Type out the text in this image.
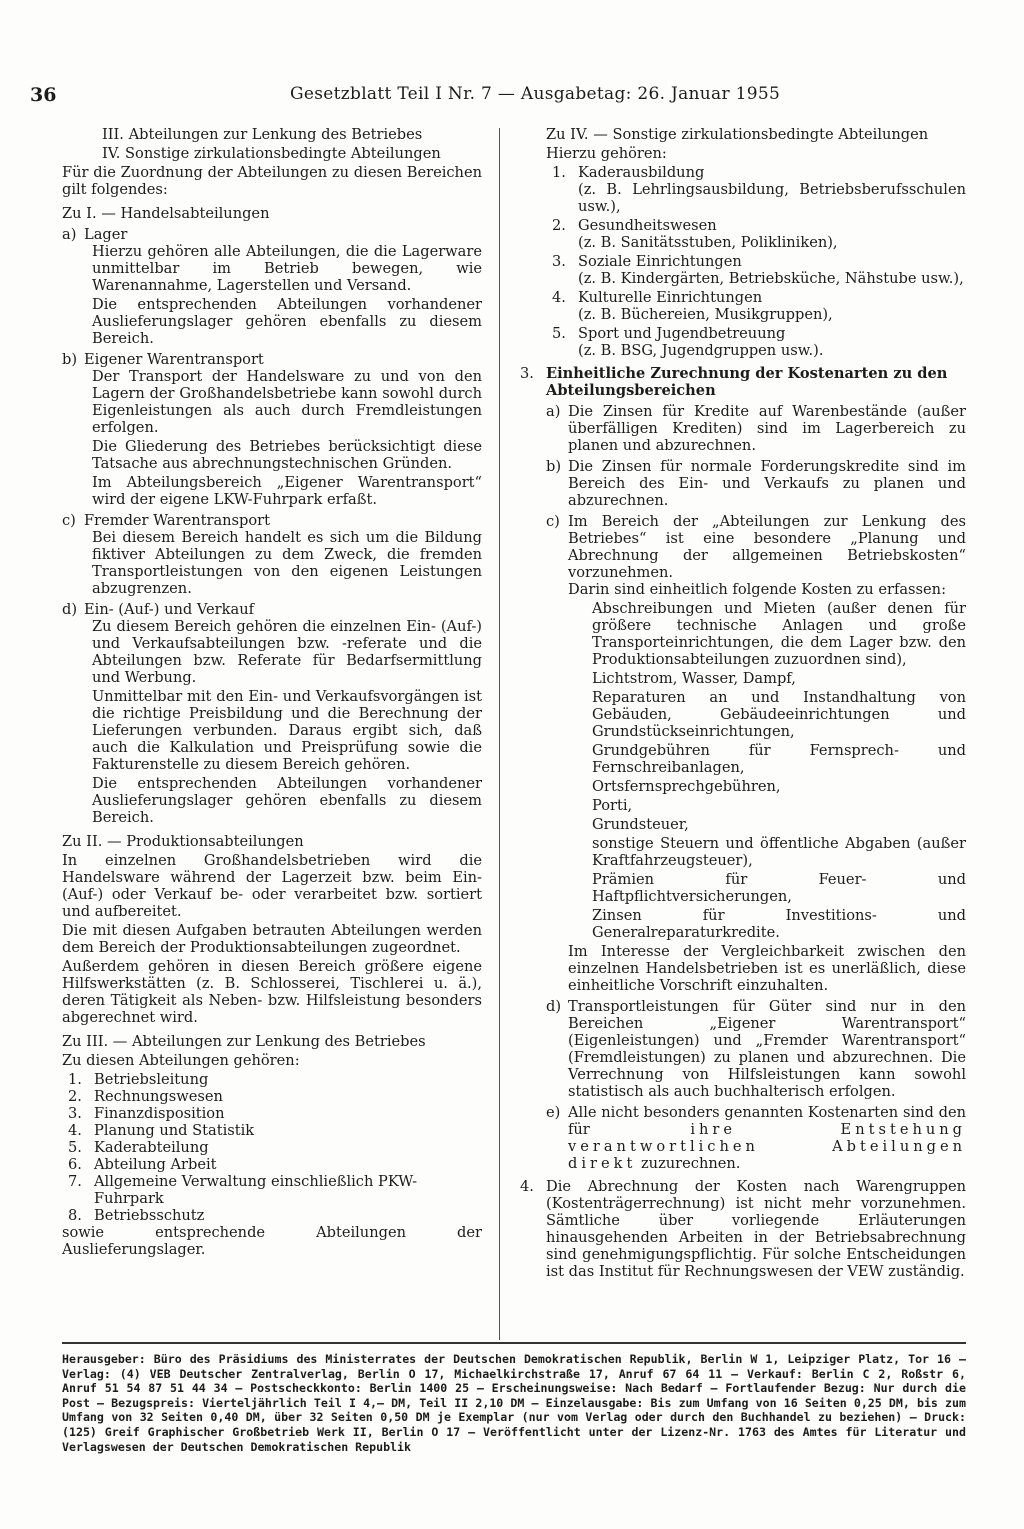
36	Gesetzblatt Teil I Nr. 7 — Ausgabetag: 26. Januar 1955

III. Abteilungen zur Lenkung des Betriebes

IV. Sonstige zirkulationsbedingte Abteilungen

Für die Zuordnung der Abteilungen zu diesen Bereichen gilt folgendes:

Zu I. — Handelsabteilungen

a) Lager

Hierzu gehören alle Abteilungen, die die Lagerware unmittelbar im Betrieb bewegen, wie Warenannahme, Lagerstellen und Versand.

Die entsprechenden Abteilungen vorhandener Auslieferungslager gehören ebenfalls zu diesem Bereich.

b) Eigener Warentransport

Der Transport der Handelsware zu und von den Lagern der Großhandelsbetriebe kann sowohl durch Eigenleistungen als auch durch Fremdleistungen erfolgen.

Die Gliederung des Betriebes berücksichtigt diese Tatsache aus abrechnungstechnischen Gründen.

Im Abteilungsbereich „Eigener Warentransport“ wird der eigene LKW-Fuhrpark erfaßt.

c) Fremder Warentransport

Bei diesem Bereich handelt es sich um die Bildung fiktiver Abteilungen zu dem Zweck, die fremden Transportleistungen von den eigenen Leistungen abzugrenzen.

d) Ein- (Auf-) und Verkauf

Zu diesem Bereich gehören die einzelnen Ein- (Auf-) und Verkaufsabteilungen bzw. -referate und die Abteilungen bzw. Referate für Bedarfsermittlung und Werbung.

Unmittelbar mit den Ein- und Verkaufsvorgängen ist die richtige Preisbildung und die Berechnung der Lieferungen verbunden. Daraus ergibt sich, daß auch die Kalkulation und Preisprüfung sowie die Fakturenstelle zu diesem Bereich gehören.

Die entsprechenden Abteilungen vorhandener Auslieferungslager gehören ebenfalls zu diesem Bereich.

Zu II. — Produktionsabteilungen

In einzelnen Großhandelsbetrieben wird die Handelsware während der Lagerzeit bzw. beim Ein- (Auf-) oder Verkauf be- oder verarbeitet bzw. sortiert und aufbereitet.

Die mit diesen Aufgaben betrauten Abteilungen werden dem Bereich der Produktionsabteilungen zugeordnet.

Außerdem gehören in diesen Bereich größere eigene Hilfswerkstätten (z. B. Schlosserei, Tischlerei u. ä.), deren Tätigkeit als Neben- bzw. Hilfsleistung besonders abgerechnet wird.

Zu III. — Abteilungen zur Lenkung des Betriebes

Zu diesen Abteilungen gehören:

1. Betriebsleitung
2. Rechnungswesen
3. Finanzdisposition
4. Planung und Statistik
5. Kaderabteilung
6. Abteilung Arbeit
7. Allgemeine Verwaltung einschließlich PKW-Fuhrpark
8. Betriebsschutz

sowie entsprechende Abteilungen der Auslieferungslager.

Zu IV. — Sonstige zirkulationsbedingte Abteilungen

Hierzu gehören:

1. Kaderausbildung

(z. B. Lehrlingsausbildung, Betriebsberufsschulen usw.),

2. Gesundheitswesen

(z. B. Sanitätsstuben, Polikliniken),

3. Soziale Einrichtungen

(z. B. Kindergärten, Betriebsküche, Nähstube usw.),

4. Kulturelle Einrichtungen

(z. B. Büchereien, Musikgruppen),

5. Sport und Jugendbetreuung

(z. B. BSG, Jugendgruppen usw.).

3. Einheitliche Zurechnung der Kostenarten zu den Abteilungsbereichen
a) Die Zinsen für Kredite auf Warenbestände (außer überfälligen Krediten) sind im Lagerbereich zu planen und abzurechnen.
b) Die Zinsen für normale Forderungskredite sind im Bereich des Ein- und Verkaufs zu planen und abzurechnen.
c) Im Bereich der „Abteilungen zur Lenkung des Betriebes“ ist eine besondere „Planung und Abrechnung der allgemeinen Betriebskosten“ vorzunehmen.

Darin sind einheitlich folgende Kosten zu erfassen:

Abschreibungen und Mieten (außer denen für größere technische Anlagen und große Transporteinrichtungen, die dem Lager bzw. den Produktionsabteilungen zuzuordnen sind),

Lichtstrom, Wasser, Dampf,

Reparaturen an und Instandhaltung von Gebäuden, Gebäudeeinrichtungen und Grundstückseinrichtungen,

Grundgebühren für Fernsprech- und Fernschreibanlagen,

Ortsfernsprechgebühren,

Porti,

Grundsteuer,

sonstige Steuern und öffentliche Abgaben (außer Kraftfahrzeugsteuer),

Prämien für Feuer- und Haftpflichtversicherungen,

Zinsen für Investitions- und Generalreparaturkredite.

Im Interesse der Vergleichbarkeit zwischen den einzelnen Handelsbetrieben ist es unerläßlich, diese einheitliche Vorschrift einzuhalten.

d) Transportleistungen für Güter sind nur in den Bereichen „Eigener Warentransport“ (Eigenleistungen) und „Fremder Warentransport“ (Fremdleistungen) zu planen und abzurechnen. Die Verrechnung von Hilfsleistungen kann sowohl statistisch als auch buchhalterisch erfolgen.
e) Alle nicht besonders genannten Kostenarten sind den für	ihre Entstehung verantwortlichen Abteilungen direkt zuzurechnen.
4. Die Abrechnung der Kosten nach Warengruppen (Kostenträgerrechnung) ist nicht mehr vorzunehmen. Sämtliche über vorliegende Erläuterungen hinausgehenden Arbeiten in der Betriebsabrechnung sind genehmigungspflichtig. Für solche Entscheidungen ist das Institut für Rechnungswesen der VEW zuständig.
Herausgeber: Büro des Präsidiums des Ministerrates der Deutschen Demokratischen Republik, Berlin W 1, Leipziger Platz, Tor 16 — Verlag: (4) VEB Deutscher Zentralverlag, Berlin O 17, Michaelkirchstraße 17, Anruf 67 64 11 — Verkauf: Berlin C 2, Roßstr 6, Anruf 51 54 87 51 44 34 — Postscheckkonto: Berlin 1400 25 — Erscheinungsweise: Nach Bedarf — Fortlaufender Bezug: Nur durch die Post — Bezugspreis: Vierteljährlich Teil I 4,— DM, Teil II 2,10 DM — Einzelausgabe: Bis zum Umfang von 16 Seiten 0,25 DM, bis zum Umfang von 32 Seiten 0,40 DM, über 32 Seiten 0,50 DM je Exemplar (nur vom Verlag oder durch den Buchhandel zu beziehen) — Druck: (125) Greif Graphischer Großbetrieb Werk II, Berlin O 17 — Veröffentlicht unter der Lizenz-Nr. 1763 des Amtes für Literatur und Verlagswesen der Deutschen Demokratischen Republik
